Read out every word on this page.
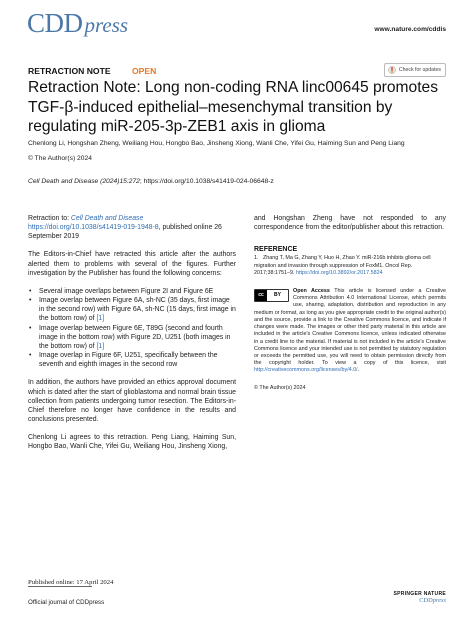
CDDpress	www.nature.com/cddis
RETRACTION NOTE OPEN	Check for updates
Retraction Note: Long non-coding RNA linc00645 promotes TGF-β-induced epithelial–mesenchymal transition by regulating miR-205-3p-ZEB1 axis in glioma
Chenlong Li, Hongshan Zheng, Weiliang Hou, Hongbo Bao, Jinsheng Xiong, Wanli Che, Yifei Gu, Haiming Sun and Peng Liang
© The Author(s) 2024
Cell Death and Disease (2024)15:272; https://doi.org/10.1038/s41419-024-06648-z

Retraction to: Cell Death and Disease https://doi.org/10.1038/s41419-019-1948-8, published online 26 September 2019

The Editors-in-Chief have retracted this article after the authors alerted them to problems with several of the figures. Further investigation by the Publisher has found the following concerns:

• Several image overlaps between Figure 2I and Figure 6E
• Image overlap between Figure 6A, sh-NC (35 days, first image in the second row) with Figure 6A, sh-NC (15 days, first image in the bottom row) of [1]
• Image overlap between Figure 6E, T89G (second and fourth image in the bottom row) with Figure 2D, U251 (both images in the bottom row) of [1]
• Image overlap in Figure 6F, U251, specifically between the seventh and eighth images in the second row

In addition, the authors have provided an ethics approval document which is dated after the start of glioblastoma and normal brain tissue collection from patients undergoing tumor resection. The Editors-in-Chief therefore no longer have confidence in the results and conclusions presented.

Chenlong Li agrees to this retraction. Peng Liang, Haiming Sun, Hongbo Bao, Wanli Che, Yifei Gu, Weiliang Hou, Jinsheng Xiong,

and Hongshan Zheng have not responded to any correspondence from the editor/publisher about this retraction.

REFERENCE
1. Zhang T, Ma G, Zhang Y, Huo H, Zhao Y. miR-216b inhibits glioma cell migration and invasion through suppression of FoxM1. Oncol Rep. 2017;38:1751–9. https://doi.org/10.3892/or.2017.5824
cc	BY
Open Access This article is licensed under a Creative Commons Attribution 4.0 International License, which permits use, sharing, adaptation, distribution and reproduction in any medium or format, as long as you give appropriate credit to the original author(s) and the source, provide a link to the Creative Commons licence, and indicate if changes were made. The images or other third party material in this article are included in the article's Creative Commons licence, unless indicated otherwise in a credit line to the material. If material is not included in the article's Creative Commons licence and your intended use is not permitted by statutory regulation or exceeds the permitted use, you will need to obtain permission directly from the copyright holder. To view a copy of this licence, visit http://creativecommons.org/licenses/by/4.0/.
© The Author(s) 2024
Published online: 17 April 2024
Official journal of CDDpress
SPRINGER NATURE
CDDpress
